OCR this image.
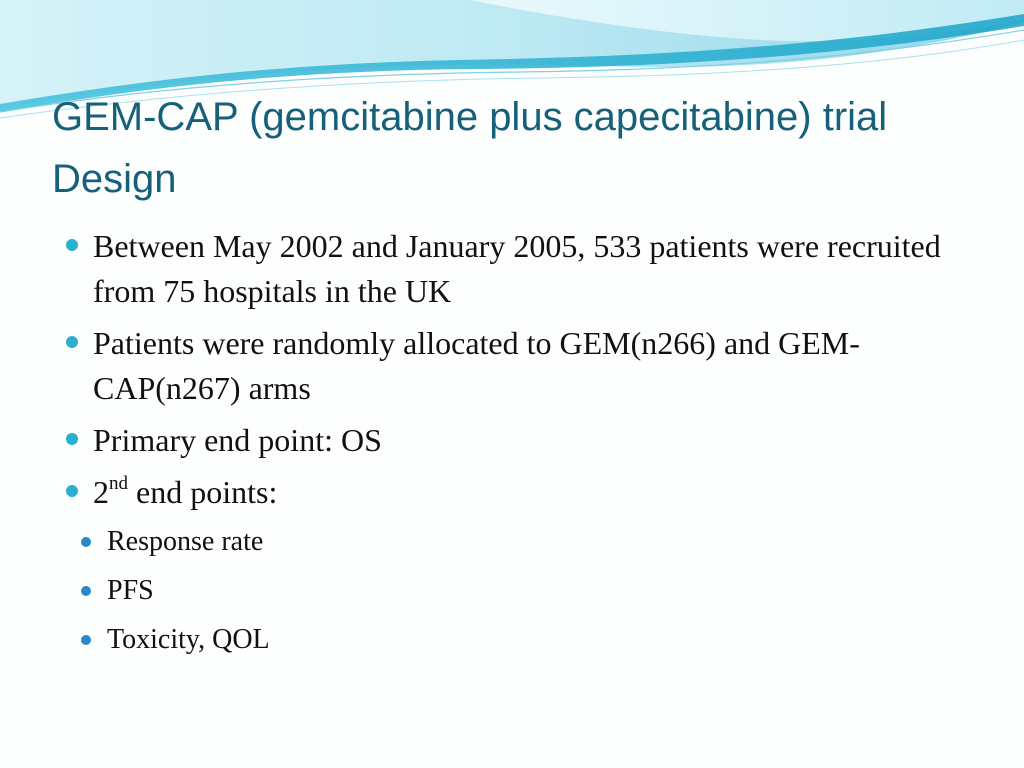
GEM-CAP (gemcitabine plus capecitabine) trial Design
Between May 2002 and January 2005, 533 patients were recruited from 75 hospitals in the UK
Patients were randomly allocated to GEM(n266) and GEM-CAP(n267) arms
Primary end point: OS
2nd end points:
Response rate
PFS
Toxicity, QOL
